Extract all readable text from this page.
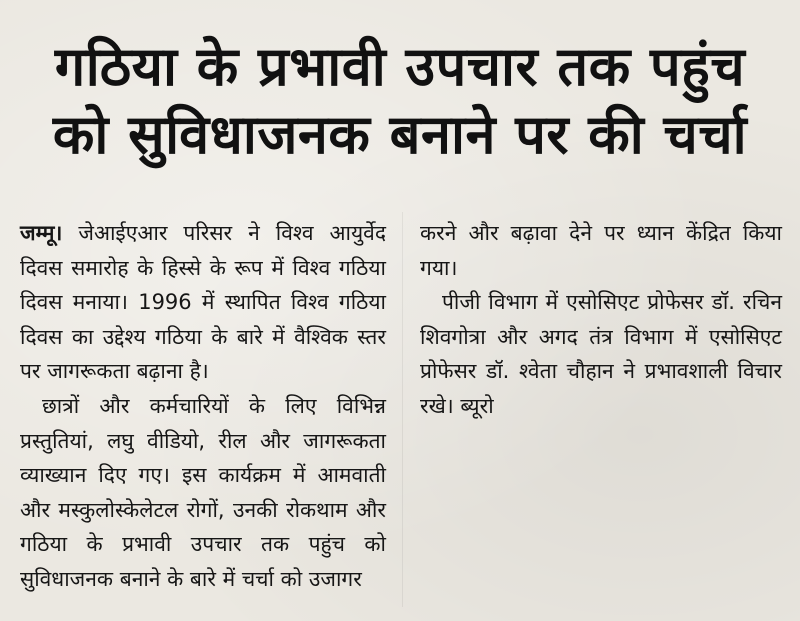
गठिया के प्रभावी उपचार तक पहुंच
को सुविधाजनक बनाने पर की चर्चा

जम्मू। जेआईएआर परिसर ने विश्व आयुर्वेद दिवस समारोह के हिस्से के रूप में विश्व गठिया दिवस मनाया। 1996 में स्थापित विश्व गठिया दिवस का उद्देश्य गठिया के बारे में वैश्विक स्तर पर जागरूकता बढ़ाना है।

छात्रों और कर्मचारियों के लिए विभिन्न प्रस्तुतियां, लघु वीडियो, रील और जागरूकता व्याख्यान दिए गए। इस कार्यक्रम में आमवाती और मस्कुलोस्केलेटल रोगों, उनकी रोकथाम और गठिया के प्रभावी उपचार तक पहुंच को सुविधाजनक बनाने के बारे में चर्चा को उजागर

करने और बढ़ावा देने पर ध्यान केंद्रित किया गया।

पीजी विभाग में एसोसिएट प्रोफेसर डॉ. रचिन शिवगोत्रा और अगद तंत्र विभाग में एसोसिएट प्रोफेसर डॉ. श्वेता चौहान ने प्रभावशाली विचार रखे। ब्यूरो
